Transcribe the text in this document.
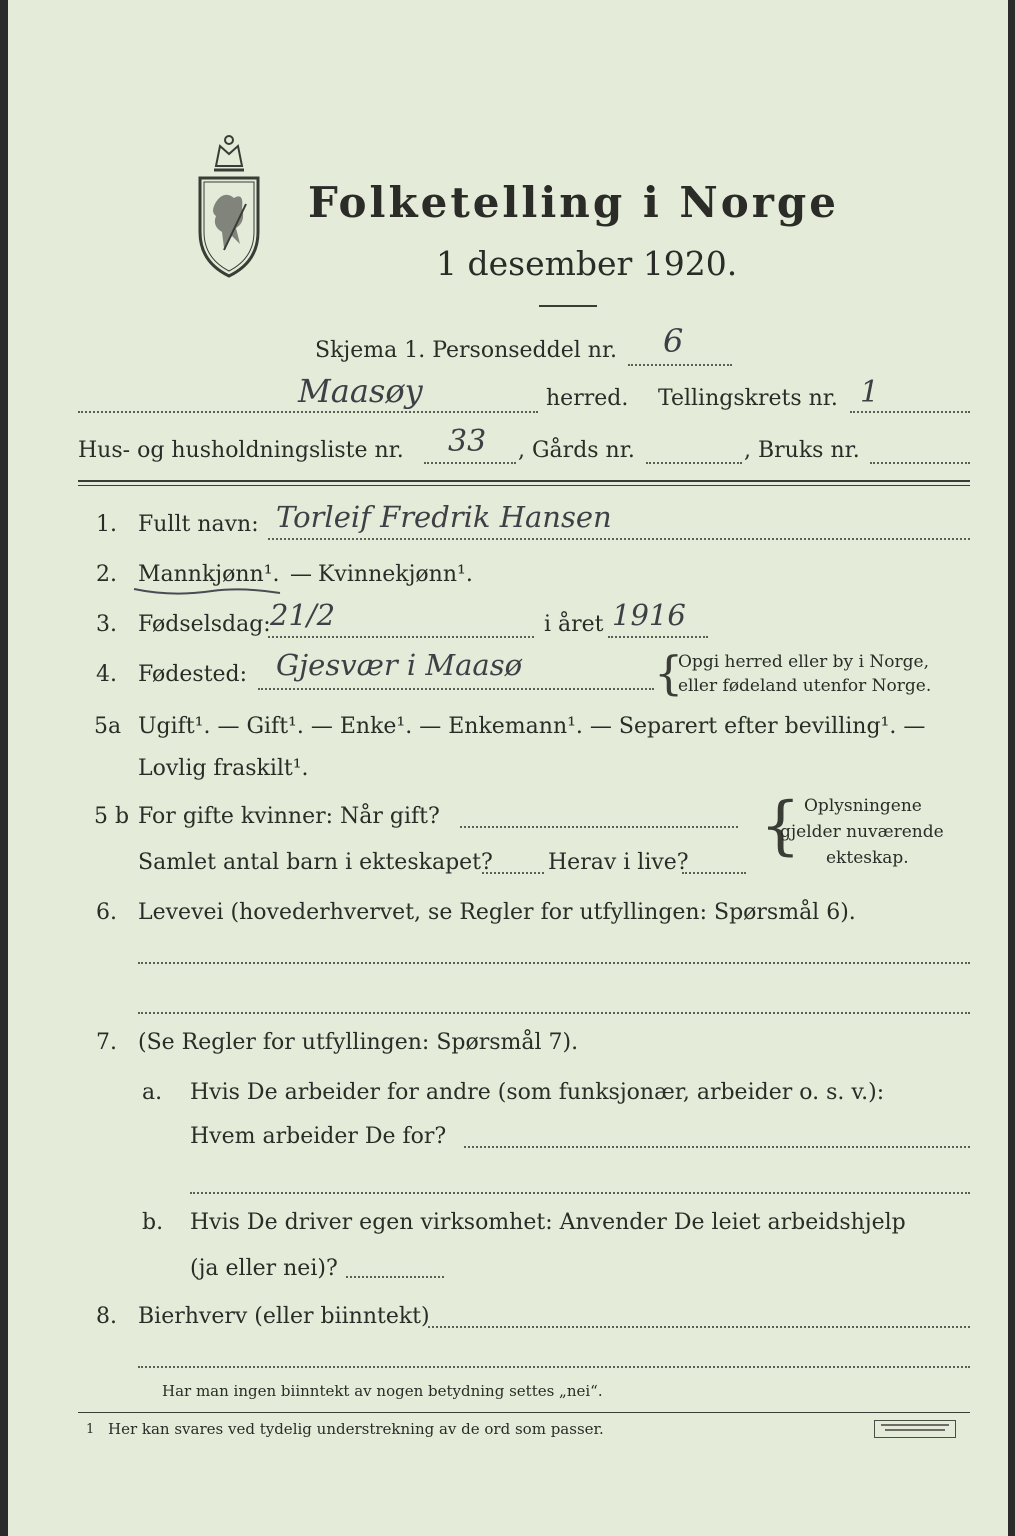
Folketelling i Norge
1 desember 1920.
Skjema 1. Personseddel nr. 6
Maasøy	herred. Tellingskrets nr. 1
Hus- og husholdningsliste nr. 33 , Gårds nr.	, Bruks nr.
1. Fullt navn: Torleif Fredrik Hansen
2. Mannkjønn¹. — Kvinnekjønn¹.
3. Fødselsdag: 21/2	i året 1916
4. Fødested: Gjesvær i Maasø	{
Opgi herred eller by i Norge,
eller fødeland utenfor Norge.
5a Ugift¹. — Gift¹. — Enke¹. — Enkemann¹. — Separert efter bevilling¹. —
Lovlig fraskilt¹.
5 b For gifte kvinner: Når gift?
Samlet antal barn i ekteskapet?	Herav i live? { Oplysningene
gjelder nuværende
ekteskap.
6. Levevei (hovederhvervet, se Regler for utfyllingen: Spørsmål 6).
7. (Se Regler for utfyllingen: Spørsmål 7).
a. Hvis De arbeider for andre (som funksjonær, arbeider o. s. v.):
Hvem arbeider De for?
b. Hvis De driver egen virksomhet: Anvender De leiet arbeidshjelp
(ja eller nei)?
8. Bierhverv (eller biinntekt)
Har man ingen biinntekt av nogen betydning settes „nei“.
1 Her kan svares ved tydelig understrekning av de ord som passer.
